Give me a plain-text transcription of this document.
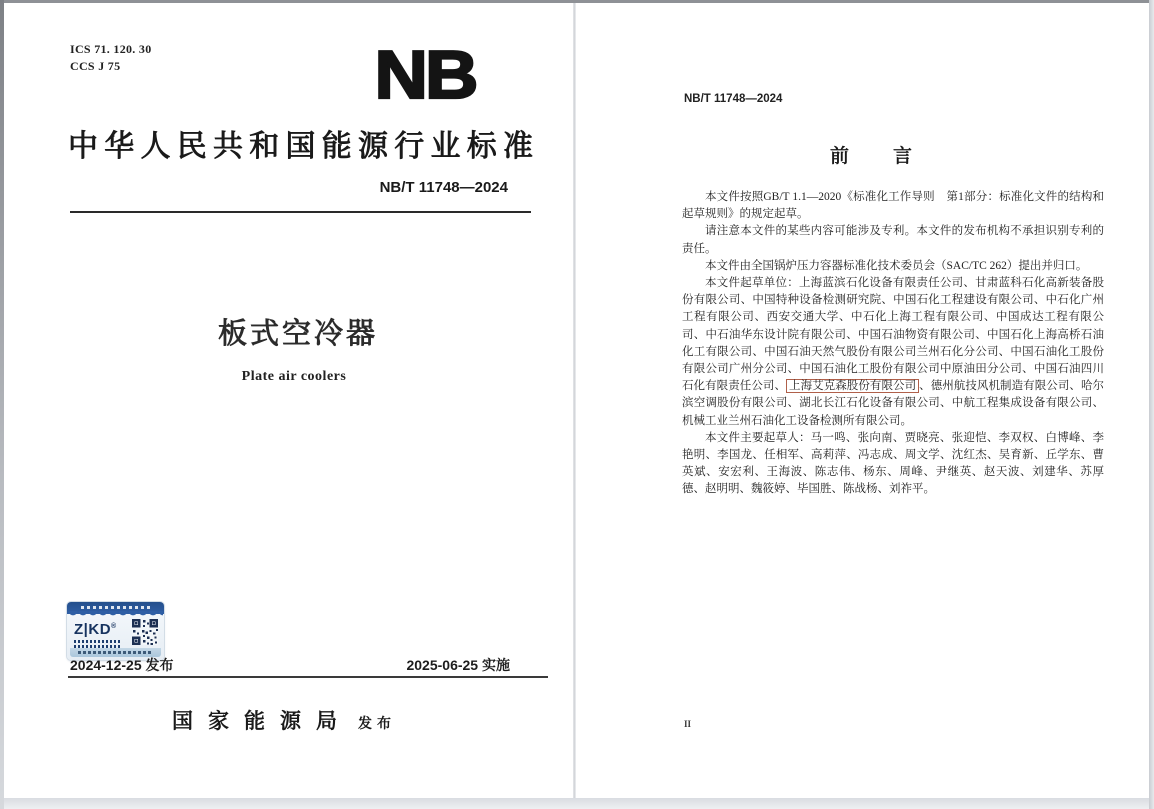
ICS 71. 120. 30
CCS J 75	NB
中华人民共和国能源行业标准
NB/T 11748—2024
板式空冷器
Plate air coolers
Z|KD®
2024-12-25 发布	2025-06-25 实施
国家能源局 发布
NB/T 11748—2024
前　　言

本文件按照GB/T 1.1—2020《标准化工作导则　第1部分：标准化文件的结构和起草规则》的规定起草。

请注意本文件的某些内容可能涉及专利。本文件的发布机构不承担识别专利的责任。

本文件由全国锅炉压力容器标准化技术委员会（SAC/TC 262）提出并归口。

本文件起草单位：上海蓝滨石化设备有限责任公司、甘肃蓝科石化高新装备股份有限公司、中国特种设备检测研究院、中国石化工程建设有限公司、中石化广州工程有限公司、西安交通大学、中石化上海工程有限公司、中国成达工程有限公司、中石油华东设计院有限公司、中国石油物资有限公司、中国石化上海高桥石油化工有限公司、中国石油天然气股份有限公司兰州石化分公司、中国石油化工股份有限公司广州分公司、中国石油化工股份有限公司中原油田分公司、中国石油四川石化有限责任公司、 上海艾克森股份有限公司 、德州航技风机制造有限公司、哈尔滨空调股份有限公司、湖北长江石化设备有限公司、中航工程集成设备有限公司、机械工业兰州石油化工设备检测所有限公司。

本文件主要起草人：马一鸣、张向南、贾晓亮、张迎恺、李双权、白博峰、李艳明、李国龙、任相军、高莉萍、冯志成、周文学、沈红杰、吴育新、丘学东、曹英斌、安宏利、王海波、陈志伟、杨东、周峰、尹继英、赵天波、刘建华、苏厚德、赵明明、魏筱婷、毕国胜、陈战杨、刘祚平。

II
